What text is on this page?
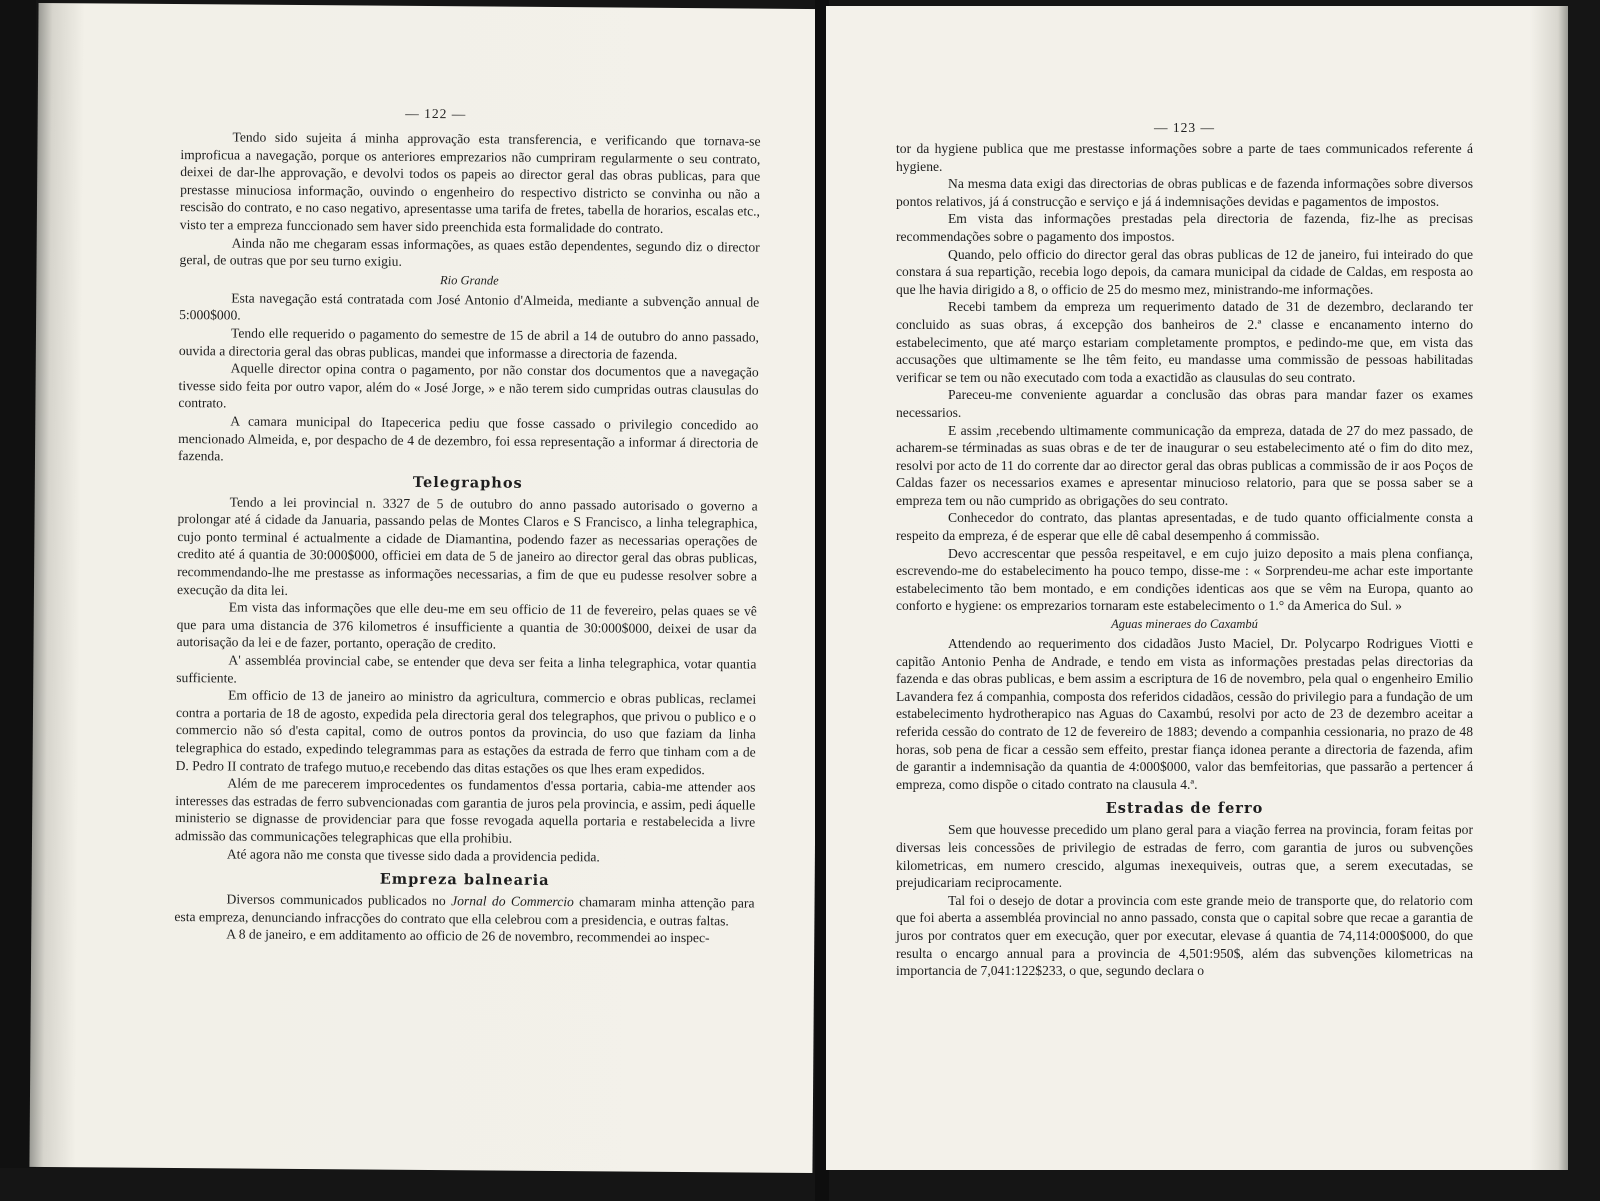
— 122 —

Tendo sido sujeita á minha approvação esta transferencia, e verificando que tornava-se improficua a navegação, porque os anteriores emprezarios não cumpriram regularmente o seu contrato, deixei de dar-lhe approvação, e devolvi todos os papeis ao director geral das obras publicas, para que prestasse minuciosa informação, ouvindo o engenheiro do respectivo districto se convinha ou não a rescisão do contrato, e no caso negativo, apresentasse uma tarifa de fretes, tabella de horarios, escalas etc., visto ter a empreza funccionado sem haver sido preenchida esta formalidade do contrato.

Ainda não me chegaram essas informações, as quaes estão dependentes, segundo diz o director geral, de outras que por seu turno exigiu.

Rio Grande

Esta navegação está contratada com José Antonio d'Almeida, mediante a subvenção annual de 5:000$000.

Tendo elle requerido o pagamento do semestre de 15 de abril a 14 de outubro do anno passado, ouvida a directoria geral das obras publicas, mandei que informasse a directoria de fazenda.

Aquelle director opina contra o pagamento, por não constar dos documentos que a navegação tivesse sido feita por outro vapor, além do « José Jorge, » e não terem sido cumpridas outras clausulas do contrato.

A camara municipal do Itapecerica pediu que fosse cassado o privilegio concedido ao mencionado Almeida, e, por despacho de 4 de dezembro, foi essa representação a informar á directoria de fazenda.

Telegraphos

Tendo a lei provincial n. 3327 de 5 de outubro do anno passado autorisado o governo a prolongar até á cidade da Januaria, passando pelas de Montes Claros e S Francisco, a linha telegraphica, cujo ponto terminal é actualmente a cidade de Diamantina, podendo fazer as necessarias operações de credito até á quantia de 30:000$000, officiei em data de 5 de janeiro ao director geral das obras publicas, recommendando-lhe me prestasse as informações necessarias, a fim de que eu pudesse resolver sobre a execução da dita lei.

Em vista das informações que elle deu-me em seu officio de 11 de fevereiro, pelas quaes se vê que para uma distancia de 376 kilometros é insufficiente a quantia de 30:000$000, deixei de usar da autorisação da lei e de fazer, portanto, operação de credito.

A' assembléa provincial cabe, se entender que deva ser feita a linha telegraphica, votar quantia sufficiente.

Em officio de 13 de janeiro ao ministro da agricultura, commercio e obras publicas, reclamei contra a portaria de 18 de agosto, expedida pela directoria geral dos telegraphos, que privou o publico e o commercio não só d'esta capital, como de outros pontos da provincia, do uso que faziam da linha telegraphica do estado, expedindo telegrammas para as estações da estrada de ferro que tinham com a de D. Pedro II contrato de trafego mutuo,e recebendo das ditas estações os que lhes eram expedidos.

Além de me parecerem improcedentes os fundamentos d'essa portaria, cabia-me attender aos interesses das estradas de ferro subvencionadas com garantia de juros pela provincia, e assim, pedi áquelle ministerio se dignasse de providenciar para que fosse revogada aquella portaria e restabelecida a livre admissão das communicações telegraphicas que ella prohibiu.

Até agora não me consta que tivesse sido dada a providencia pedida.

Empreza balnearia

Diversos communicados publicados no Jornal do Commercio chamaram minha attenção para esta empreza, denunciando infracções do contrato que ella celebrou com a presidencia, e outras faltas.

A 8 de janeiro, e em additamento ao officio de 26 de novembro, recommendei ao inspec-

— 123 —

tor da hygiene publica que me prestasse informações sobre a parte de taes communicados referente á hygiene.

Na mesma data exigi das directorias de obras publicas e de fazenda informações sobre diversos pontos relativos, já á construcção e serviço e já á indemnisações devidas e pagamentos de impostos.

Em vista das informações prestadas pela directoria de fazenda, fiz-lhe as precisas recommendações sobre o pagamento dos impostos.

Quando, pelo officio do director geral das obras publicas de 12 de janeiro, fui inteirado do que constara á sua repartição, recebia logo depois, da camara municipal da cidade de Caldas, em resposta ao que lhe havia dirigido a 8, o officio de 25 do mesmo mez, ministrando-me informações.

Recebi tambem da empreza um requerimento datado de 31 de dezembro, declarando ter concluido as suas obras, á excepção dos banheiros de 2.ª classe e encanamento interno do estabelecimento, que até março estariam completamente promptos, e pedindo-me que, em vista das accusações que ultimamente se lhe têm feito, eu mandasse uma commissão de pessoas habilitadas verificar se tem ou não executado com toda a exactidão as clausulas do seu contrato.

Pareceu-me conveniente aguardar a conclusão das obras para mandar fazer os exames necessarios.

E assim ,recebendo ultimamente communicação da empreza, datada de 27 do mez passado, de acharem-se términadas as suas obras e de ter de inaugurar o seu estabelecimento até o fim do dito mez, resolvi por acto de 11 do corrente dar ao director geral das obras publicas a commissão de ir aos Poços de Caldas fazer os necessarios exames e apresentar minucioso relatorio, para que se possa saber se a empreza tem ou não cumprido as obrigações do seu contrato.

Conhecedor do contrato, das plantas apresentadas, e de tudo quanto officialmente consta a respeito da empreza, é de esperar que elle dê cabal desempenho á commissão.

Devo accrescentar que pessôa respeitavel, e em cujo juizo deposito a mais plena confiança, escrevendo-me do estabelecimento ha pouco tempo, disse-me : « Sorprendeu-me achar este importante estabelecimento tão bem montado, e em condições identicas aos que se vêm na Europa, quanto ao conforto e hygiene: os emprezarios tornaram este estabelecimento o 1.° da America do Sul. »

Aguas mineraes do Caxambú

Attendendo ao requerimento dos cidadãos Justo Maciel, Dr. Polycarpo Rodrigues Viotti e capitão Antonio Penha de Andrade, e tendo em vista as informações prestadas pelas directorias da fazenda e das obras publicas, e bem assim a escriptura de 16 de novembro, pela qual o engenheiro Emilio Lavandera fez á companhia, composta dos referidos cidadãos, cessão do privilegio para a fundação de um estabelecimento hydrotherapico nas Aguas do Caxambú, resolvi por acto de 23 de dezembro aceitar a referida cessão do contrato de 12 de fevereiro de 1883; devendo a companhia cessionaria, no prazo de 48 horas, sob pena de ficar a cessão sem effeito, prestar fiança idonea perante a directoria de fazenda, afim de garantir a indemnisação da quantia de 4:000$000, valor das bemfeitorias, que passarão a pertencer á empreza, como dispõe o citado contrato na clausula 4.ª.

Estradas de ferro

Sem que houvesse precedido um plano geral para a viação ferrea na provincia, foram feitas por diversas leis concessões de privilegio de estradas de ferro, com garantia de juros ou subvenções kilometricas, em numero crescido, algumas inexequiveis, outras que, a serem executadas, se prejudicariam reciprocamente.

Tal foi o desejo de dotar a provincia com este grande meio de transporte que, do relatorio com que foi aberta a assembléa provincial no anno passado, consta que o capital sobre que recae a garantia de juros por contratos quer em execução, quer por executar, elevase á quantia de 74,114:000$000, do que resulta o encargo annual para a provincia de 4,501:950$, além das subvenções kilometricas na importancia de 7,041:122$233, o que, segundo declara o
